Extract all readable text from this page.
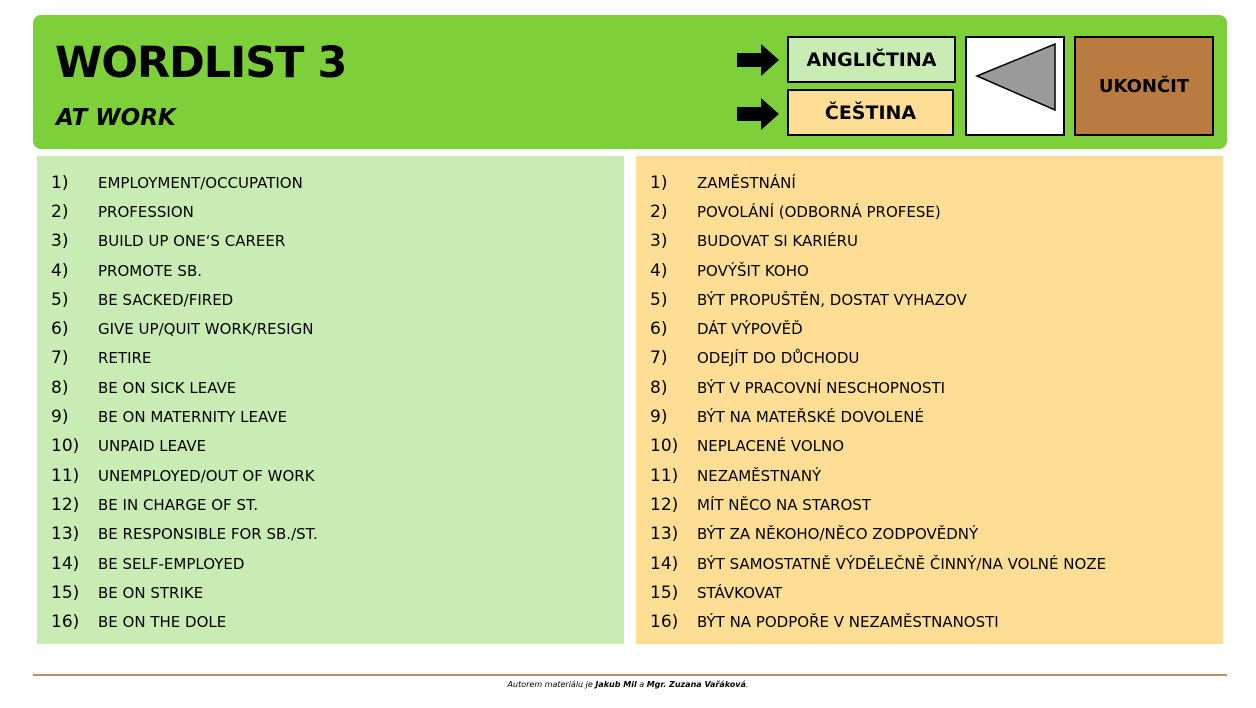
WORDLIST 3
AT WORK
ANGLIČTINA
ČEŠTINA
UKONČIT
1)	EMPLOYMENT/OCCUPATION
2)	PROFESSION
3)	BUILD UP ONE‘S CAREER
4)	PROMOTE SB.
5)	BE SACKED/FIRED
6)	GIVE UP/QUIT WORK/RESIGN
7)	RETIRE
8)	BE ON SICK LEAVE
9)	BE ON MATERNITY LEAVE
10)	UNPAID LEAVE
11)	UNEMPLOYED/OUT OF WORK
12)	BE IN CHARGE OF ST.
13)	BE RESPONSIBLE FOR SB./ST.
14)	BE SELF-EMPLOYED
15)	BE ON STRIKE
16)	BE ON THE DOLE
1)	ZAMĚSTNÁNÍ
2)	POVOLÁNÍ (ODBORNÁ PROFESE)
3)	BUDOVAT SI KARIÉRU
4)	POVÝŠIT KOHO
5)	BÝT PROPUŠTĚN, DOSTAT VYHAZOV
6)	DÁT VÝPOVĚĎ
7)	ODEJÍT DO DŮCHODU
8)	BÝT V PRACOVNÍ NESCHOPNOSTI
9)	BÝT NA MATEŘSKÉ DOVOLENÉ
10)	NEPLACENÉ VOLNO
11)	NEZAMĚSTNANÝ
12)	MÍT NĚCO NA STAROST
13)	BÝT ZA NĚKOHO/NĚCO ZODPOVĚDNÝ
14)	BÝT SAMOSTATNĚ VÝDĚLEČNĚ ČINNÝ/NA VOLNÉ NOZE
15)	STÁVKOVAT
16)	BÝT NA PODPOŘE V NEZAMĚSTNANOSTI
Autorem materiálu je Jakub Mil a Mgr. Zuzana Vařáková.
